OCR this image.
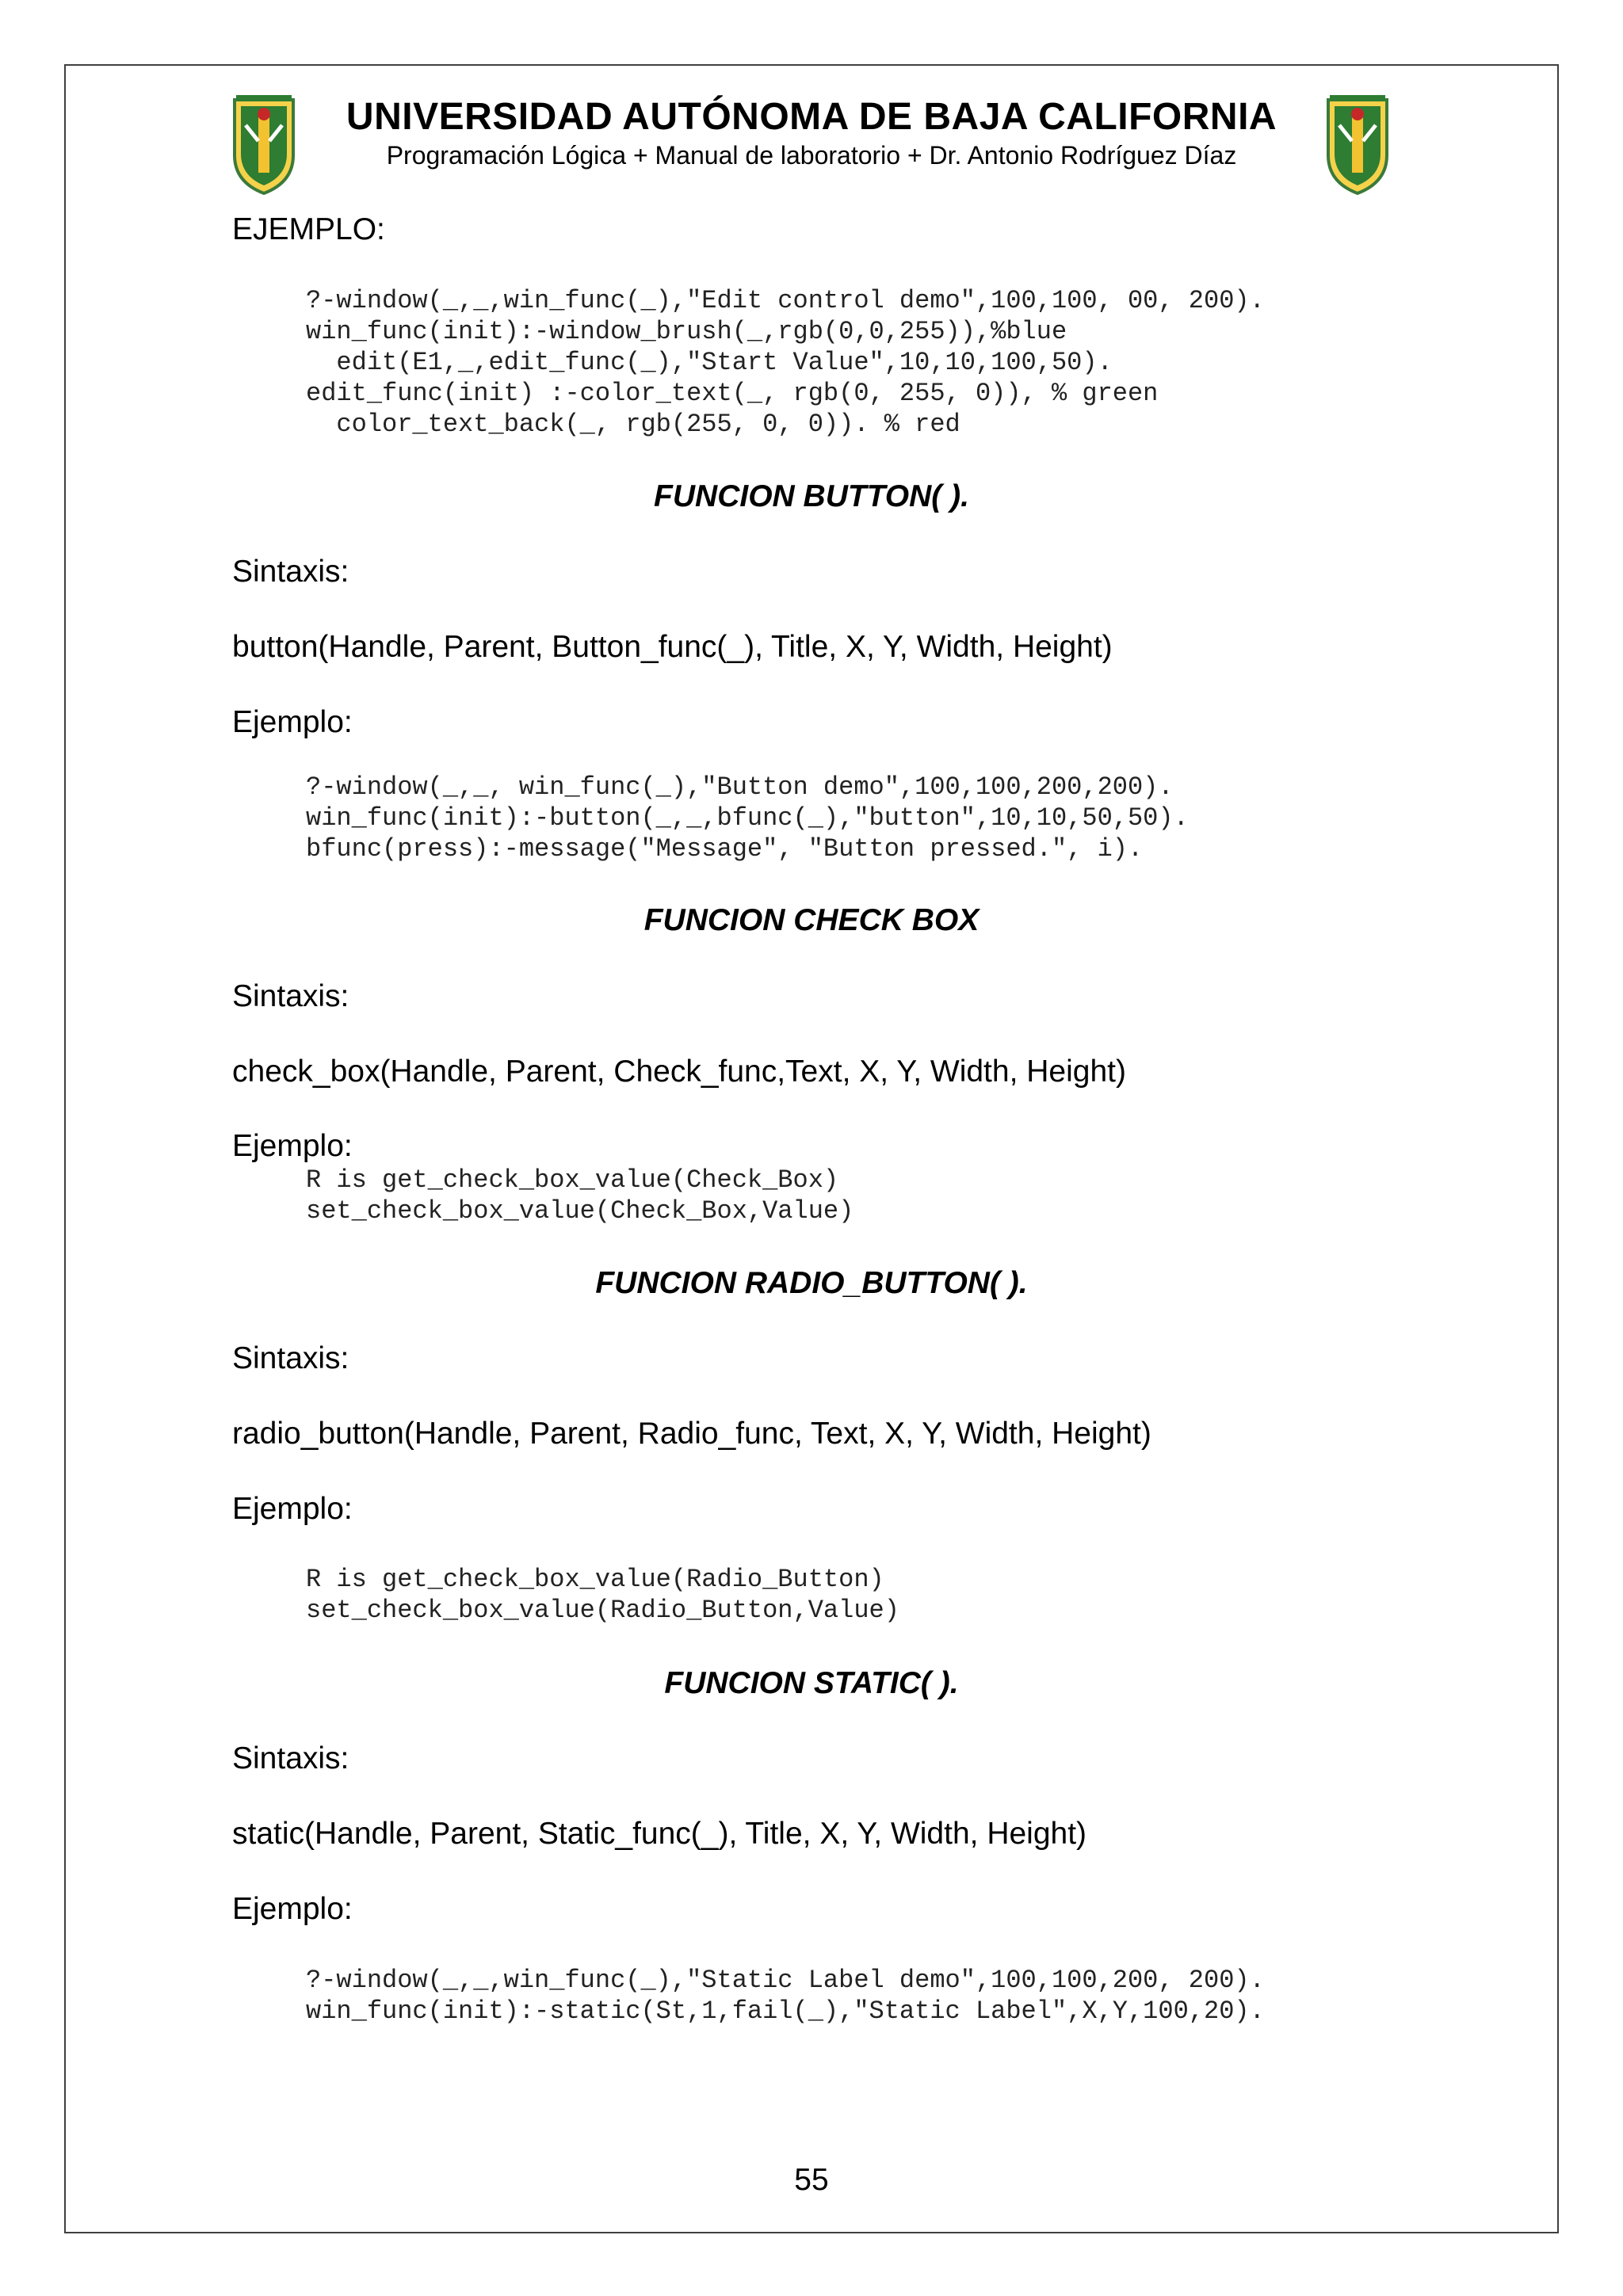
UNIVERSIDAD AUTÓNOMA DE BAJA CALIFORNIA
Programación Lógica + Manual de laboratorio + Dr. Antonio Rodríguez Díaz
EJEMPLO:
?-window(_,_,win_func(_),"Edit control demo",100,100, 00, 200).
win_func(init):-window_brush(_,rgb(0,0,255)),%blue
edit(E1,_,edit_func(_),"Start Value",10,10,100,50).
edit_func(init) :-color_text(_, rgb(0, 255, 0)), % green
color_text_back(_, rgb(255, 0, 0)). % red
FUNCION BUTTON( ).
Sintaxis:
button(Handle, Parent, Button_func(_), Title, X, Y, Width, Height)
Ejemplo:
?-window(_,_, win_func(_),"Button demo",100,100,200,200).
win_func(init):-button(_,_,bfunc(_),"button",10,10,50,50).
bfunc(press):-message("Message", "Button pressed.", i).
FUNCION CHECK BOX
Sintaxis:
check_box(Handle, Parent, Check_func,Text, X, Y, Width, Height)
Ejemplo:
R is get_check_box_value(Check_Box)
set_check_box_value(Check_Box,Value)
FUNCION RADIO_BUTTON( ).
Sintaxis:
radio_button(Handle, Parent, Radio_func, Text, X, Y, Width, Height)
Ejemplo:
R is get_check_box_value(Radio_Button)
set_check_box_value(Radio_Button,Value)
FUNCION STATIC( ).
Sintaxis:
static(Handle, Parent, Static_func(_), Title, X, Y, Width, Height)
Ejemplo:
?-window(_,_,win_func(_),"Static Label demo",100,100,200, 200).
win_func(init):-static(St,1,fail(_),"Static Label",X,Y,100,20).
55
